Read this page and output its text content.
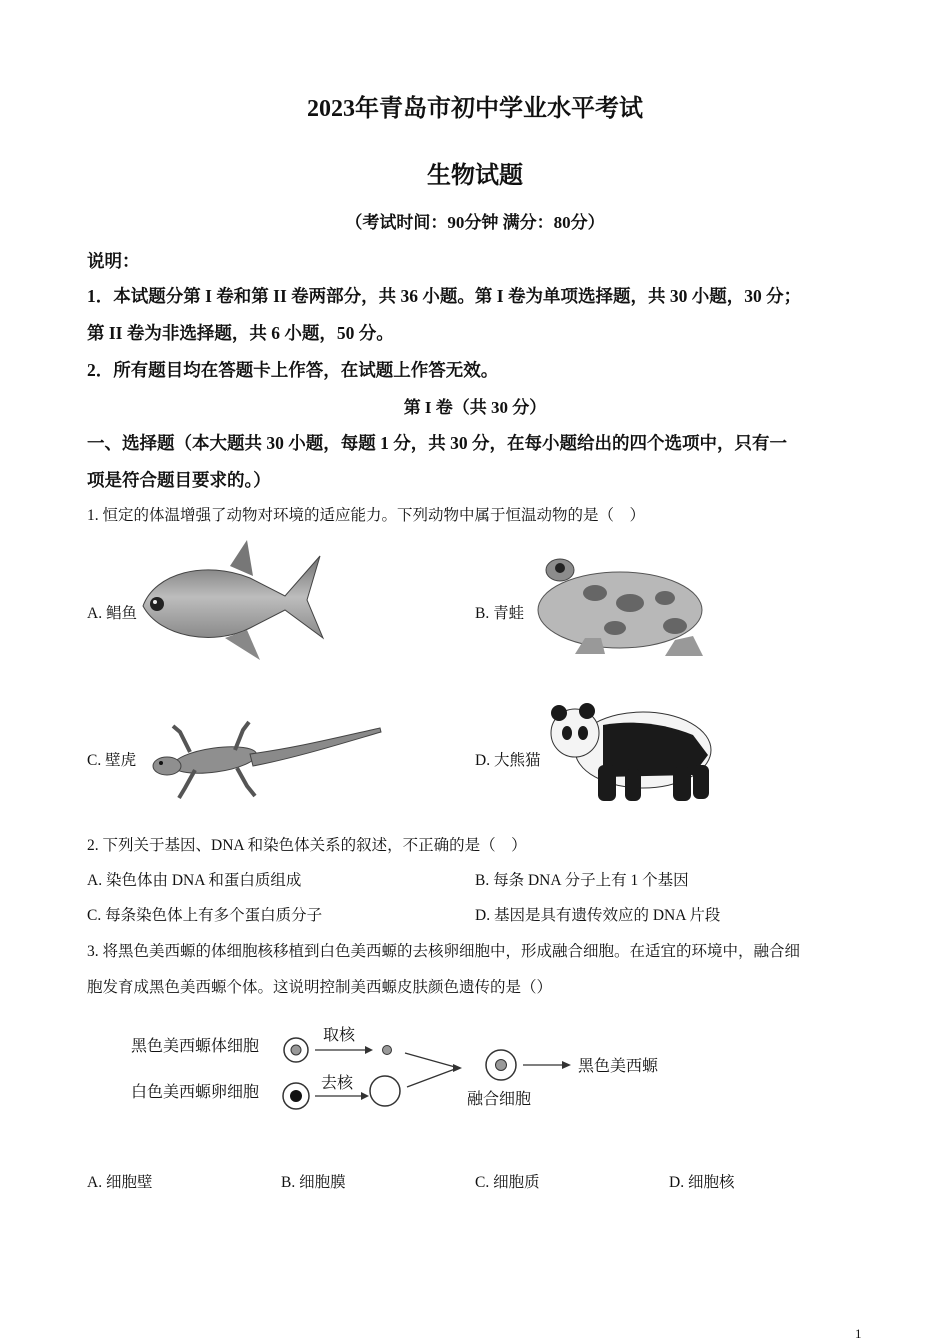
2023年青岛市初中学业水平考试
生物试题
（考试时间：90分钟 满分：80分）
说明：
1．本试题分第 I 卷和第 II 卷两部分，共 36 小题。第 I 卷为单项选择题，共 30 小题，30 分；
第 II 卷为非选择题，共 6 小题，50 分。
2．所有题目均在答题卡上作答，在试题上作答无效。
第 I 卷（共 30 分）
一、选择题（本大题共 30 小题，每题 1 分，共 30 分，在每小题给出的四个选项中，只有一
项是符合题目要求的。）
1. 恒定的体温增强了动物对环境的适应能力。下列动物中属于恒温动物的是（　）
A. 鲳鱼	B. 青蛙
C. 壁虎	D. 大熊猫
2. 下列关于基因、DNA 和染色体关系的叙述，不正确的是（　）
A. 染色体由 DNA 和蛋白质组成	B. 每条 DNA 分子上有 1 个基因
C. 每条染色体上有多个蛋白质分子	D. 基因是具有遗传效应的 DNA 片段
3. 将黑色美西螈的体细胞核移植到白色美西螈的去核卵细胞中，形成融合细胞。在适宜的环境中，融合细
胞发育成黑色美西螈个体。这说明控制美西螈皮肤颜色遗传的是（）
黑色美西螈体细胞
白色美西螈卵细胞
取核
去核
融合细胞
黑色美西螈
A. 细胞壁	B. 细胞膜	C. 细胞质	D. 细胞核
1
